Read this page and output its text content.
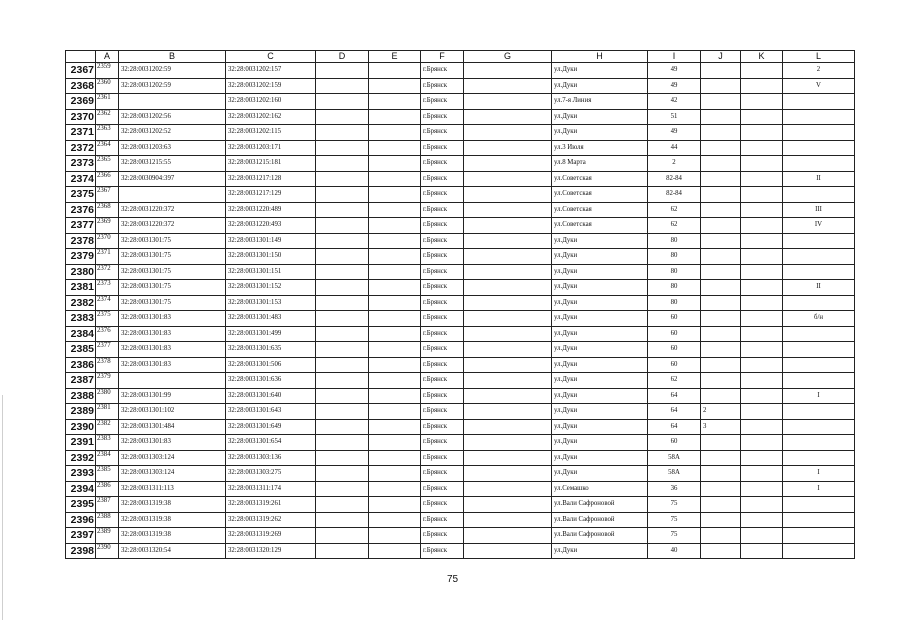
	A	B	C	D	E	F	G	H	I	J	K	L
2367	2359	32:28:0031202:59	32:28:0031202:157			г.Брянск		ул.Дуки	49			2
2368	2360	32:28:0031202:59	32:28:0031202:159			г.Брянск		ул.Дуки	49			V
2369	2361		32:28:0031202:160			г.Брянск		ул.7-я Линия	42			
2370	2362	32:28:0031202:56	32:28:0031202:162			г.Брянск		ул.Дуки	51			
2371	2363	32:28:0031202:52	32:28:0031202:115			г.Брянск		ул.Дуки	49			
2372	2364	32:28:0031203:63	32:28:0031203:171			г.Брянск		ул.3 Июля	44			
2373	2365	32:28:0031215:55	32:28:0031215:181			г.Брянск		ул.8 Марта	2			
2374	2366	32:28:0030904:397	32:28:0031217:128			г.Брянск		ул.Советская	82-84			II
2375	2367		32:28:0031217:129			г.Брянск		ул.Советская	82-84			
2376	2368	32:28:0031220:372	32:28:0031220:489			г.Брянск		ул.Советская	62			III
2377	2369	32:28:0031220:372	32:28:0031220:493			г.Брянск		ул.Советская	62			IV
2378	2370	32:28:0031301:75	32:28:0031301:149			г.Брянск		ул.Дуки	80			
2379	2371	32:28:0031301:75	32:28:0031301:150			г.Брянск		ул.Дуки	80			
2380	2372	32:28:0031301:75	32:28:0031301:151			г.Брянск		ул.Дуки	80			
2381	2373	32:28:0031301:75	32:28:0031301:152			г.Брянск		ул.Дуки	80			II
2382	2374	32:28:0031301:75	32:28:0031301:153			г.Брянск		ул.Дуки	80			
2383	2375	32:28:0031301:83	32:28:0031301:483			г.Брянск		ул.Дуки	60			б/н
2384	2376	32:28:0031301:83	32:28:0031301:499			г.Брянск		ул.Дуки	60			
2385	2377	32:28:0031301:83	32:28:0031301:635			г.Брянск		ул.Дуки	60			
2386	2378	32:28:0031301:83	32:28:0031301:506			г.Брянск		ул.Дуки	60			
2387	2379		32:28:0031301:636			г.Брянск		ул.Дуки	62			
2388	2380	32:28:0031301:99	32:28:0031301:640			г.Брянск		ул.Дуки	64			I
2389	2381	32:28:0031301:102	32:28:0031301:643			г.Брянск		ул.Дуки	64	2		
2390	2382	32:28:0031301:484	32:28:0031301:649			г.Брянск		ул.Дуки	64	3		
2391	2383	32:28:0031301:83	32:28:0031301:654			г.Брянск		ул.Дуки	60			
2392	2384	32:28:0031303:124	32:28:0031303:136			г.Брянск		ул.Дуки	58А			
2393	2385	32:28:0031303:124	32:28:0031303:275			г.Брянск		ул.Дуки	58А			I
2394	2386	32:28:0031311:113	32:28:0031311:174			г.Брянск		ул.Семашко	36			I
2395	2387	32:28:0031319:38	32:28:0031319:261			г.Брянск		ул.Вали Сафроновой	75			
2396	2388	32:28:0031319:38	32:28:0031319:262			г.Брянск		ул.Вали Сафроновой	75			
2397	2389	32:28:0031319:38	32:28:0031319:269			г.Брянск		ул.Вали Сафроновой	75			
2398	2390	32:28:0031320:54	32:28:0031320:129			г.Брянск		ул.Дуки	40			
75
